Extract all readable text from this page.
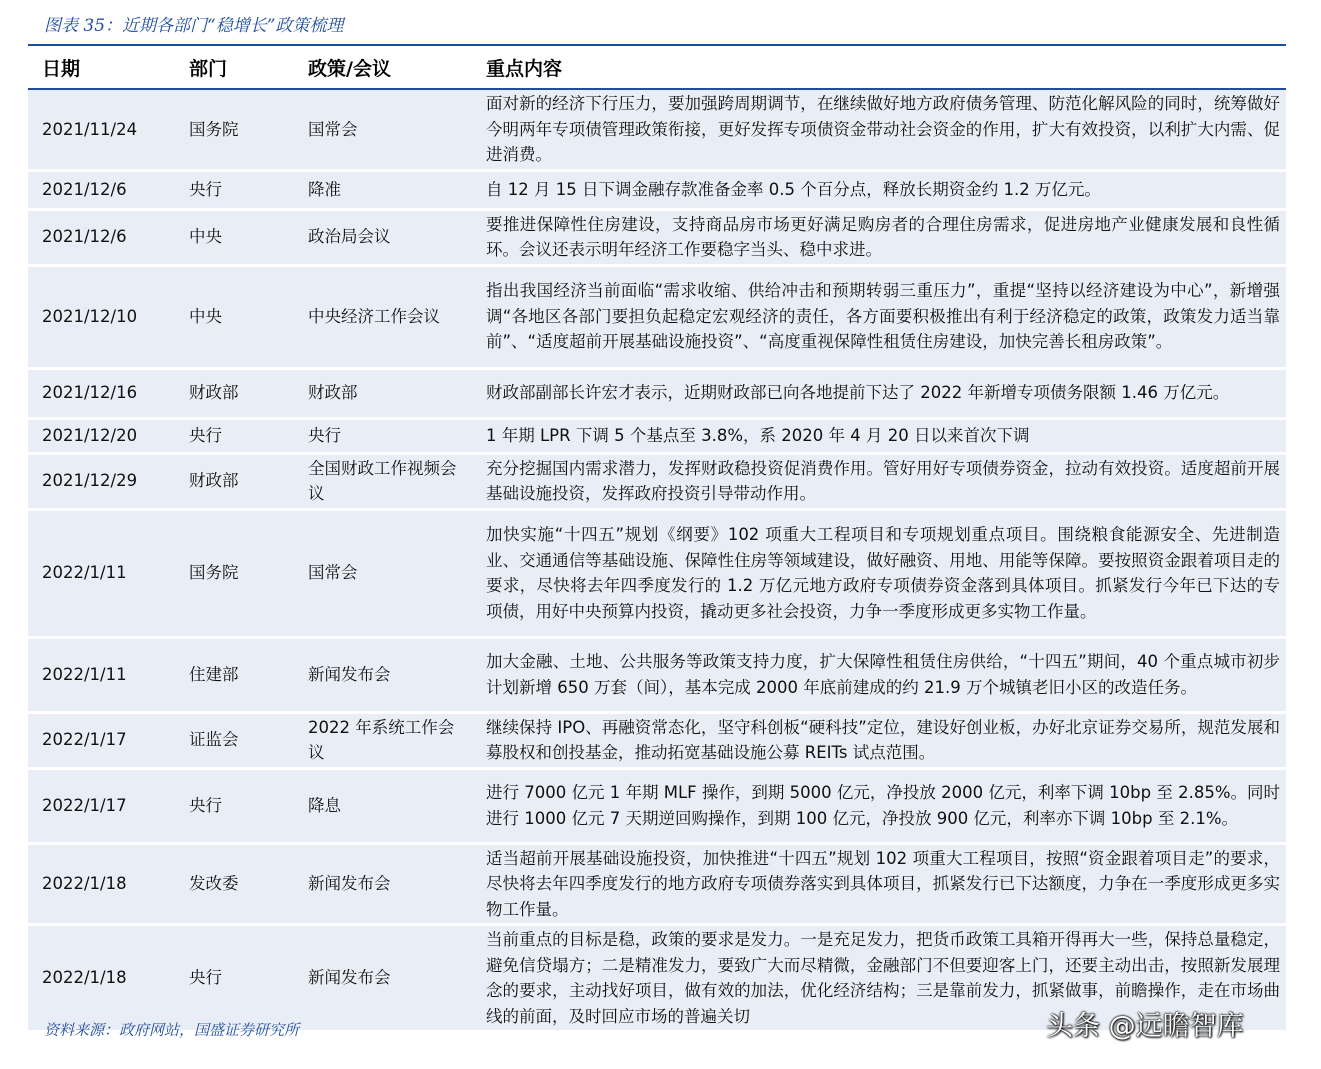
图表 35：近期各部门“稳增长”政策梳理
日期	部门	政策/会议	重点内容
2021/11/24	国务院	国常会	面对新的经济下行压力，要加强跨周期调节，在继续做好地方政府债务管理、防范化解风险的同时，统筹做好今明两年专项债管理政策衔接，更好发挥专项债资金带动社会资金的作用，扩大有效投资，以利扩大内需、促进消费。
2021/12/6	央行	降准	自 12 月 15 日下调金融存款准备金率 0.5 个百分点，释放长期资金约 1.2 万亿元。
2021/12/6	中央	政治局会议	要推进保障性住房建设，支持商品房市场更好满足购房者的合理住房需求，促进房地产业健康发展和良性循环。会议还表示明年经济工作要稳字当头、稳中求进。
2021/12/10	中央	中央经济工作会议	指出我国经济当前面临“需求收缩、供给冲击和预期转弱三重压力”，重提“坚持以经济建设为中心”，新增强调“各地区各部门要担负起稳定宏观经济的责任，各方面要积极推出有利于经济稳定的政策，政策发力适当靠前”、“适度超前开展基础设施投资”、“高度重视保障性租赁住房建设，加快完善长租房政策”。
2021/12/16	财政部	财政部	财政部副部长许宏才表示，近期财政部已向各地提前下达了 2022 年新增专项债务限额 1.46 万亿元。
2021/12/20	央行	央行	1 年期 LPR 下调 5 个基点至 3.8%，系 2020 年 4 月 20 日以来首次下调
2021/12/29	财政部	全国财政工作视频会议	充分挖掘国内需求潜力，发挥财政稳投资促消费作用。管好用好专项债券资金，拉动有效投资。适度超前开展基础设施投资，发挥政府投资引导带动作用。
2022/1/11	国务院	国常会	加快实施“十四五”规划《纲要》102 项重大工程项目和专项规划重点项目。围绕粮食能源安全、先进制造业、交通通信等基础设施、保障性住房等领域建设，做好融资、用地、用能等保障。要按照资金跟着项目走的要求，尽快将去年四季度发行的 1.2 万亿元地方政府专项债券资金落到具体项目。抓紧发行今年已下达的专项债，用好中央预算内投资，撬动更多社会投资，力争一季度形成更多实物工作量。
2022/1/11	住建部	新闻发布会	加大金融、土地、公共服务等政策支持力度，扩大保障性租赁住房供给，“十四五”期间，40 个重点城市初步计划新增 650 万套（间），基本完成 2000 年底前建成的约 21.9 万个城镇老旧小区的改造任务。
2022/1/17	证监会	2022 年系统工作会议	继续保持 IPO、再融资常态化，坚守科创板“硬科技”定位，建设好创业板，办好北京证券交易所，规范发展和募股权和创投基金，推动拓宽基础设施公募 REITs 试点范围。
2022/1/17	央行	降息	进行 7000 亿元 1 年期 MLF 操作，到期 5000 亿元，净投放 2000 亿元，利率下调 10bp 至 2.85%。同时进行 1000 亿元 7 天期逆回购操作，到期 100 亿元，净投放 900 亿元，利率亦下调 10bp 至 2.1%。
2022/1/18	发改委	新闻发布会	适当超前开展基础设施投资，加快推进“十四五”规划 102 项重大工程项目，按照“资金跟着项目走”的要求，尽快将去年四季度发行的地方政府专项债券落实到具体项目，抓紧发行已下达额度，力争在一季度形成更多实物工作量。
2022/1/18	央行	新闻发布会	当前重点的目标是稳，政策的要求是发力。一是充足发力，把货币政策工具箱开得再大一些，保持总量稳定，避免信贷塌方；二是精准发力，要致广大而尽精微，金融部门不但要迎客上门，还要主动出击，按照新发展理念的要求，主动找好项目，做有效的加法，优化经济结构；三是靠前发力，抓紧做事，前瞻操作，走在市场曲线的前面，及时回应市场的普遍关切
资料来源：政府网站，国盛证券研究所	头条 @远瞻智库
